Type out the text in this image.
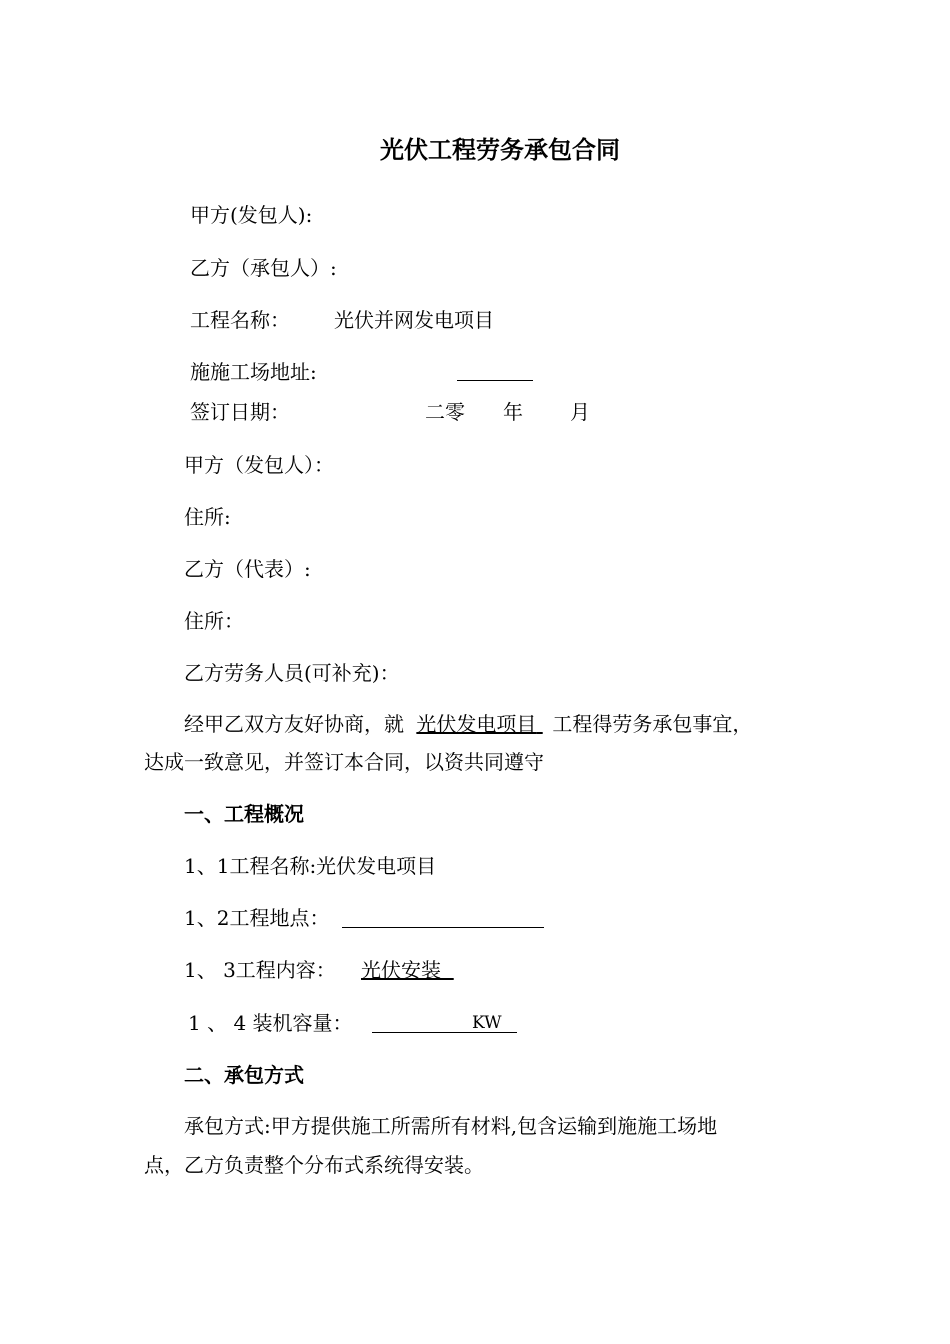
光伏工程劳务承包合同
甲方(发包人):
乙方（承包人）:
工程名称： 光伏并网发电项目
施施工场地址:
签订日期：	二零 年 月
甲方（发包人）：
住所:
乙方（代表）:
住所：
乙方劳务人员(可补充)：
经甲乙双方友好协商，就 光伏发电项目 工程得劳务承包事宜，
达成一致意见，并签订本合同，以资共同遵守
一、工程概况
1、1工程名称:光伏发电项目
1、2工程地点：
1、 3工程内容： 光伏安装
1 、 4 装机容量：	KW
二、承包方式
承包方式:甲方提供施工所需所有材料,包含运输到施施工场地
点，乙方负责整个分布式系统得安装。
